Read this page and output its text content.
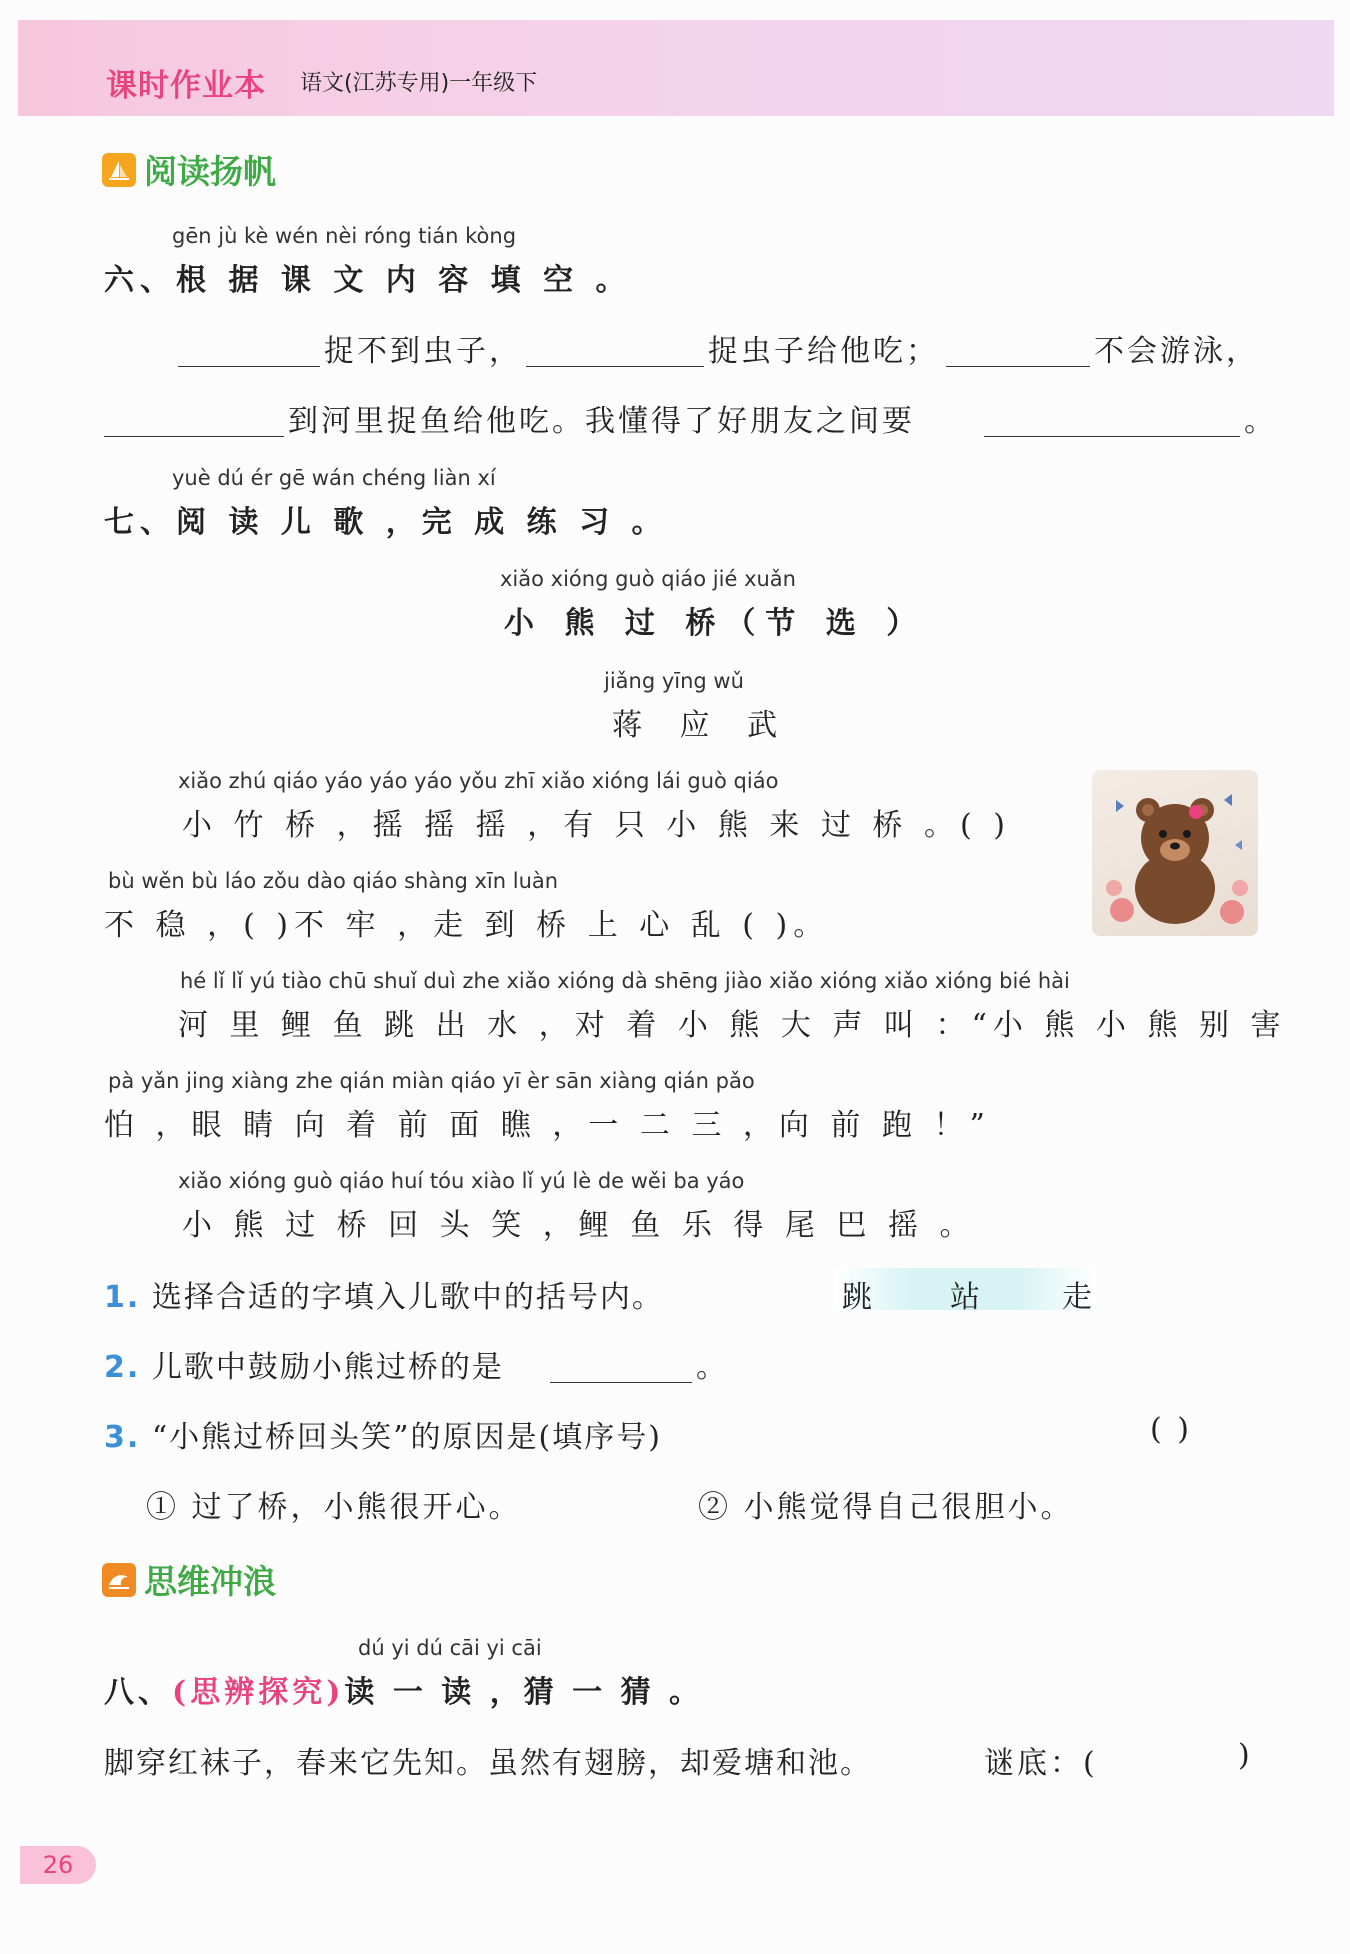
课时作业本 语文(江苏专用)一年级下
阅读扬帆
gēn jù kè wén nèi róng tián kòng
六、根 据 课 文 内 容 填 空 。
捉不到虫子，	捉虫子给他吃；	不会游泳，
到河里捉鱼给他吃。我懂得了好朋友之间要	。
yuè dú ér gē wán chéng liàn xí
七、阅 读 儿 歌 ，完 成 练 习 。
xiǎo xióng guò qiáo jié xuǎn
小 熊 过 桥（节 选 ）
jiǎng yīng wǔ
蒋 应 武
xiǎo zhú qiáo yáo yáo yáo yǒu zhī xiǎo xióng lái guò qiáo
小 竹 桥 ，摇 摇 摇 ，有 只 小 熊 来 过 桥 。( )
bù wěn bù láo zǒu dào qiáo shàng xīn luàn
不 稳 ，( )不 牢 ，走 到 桥 上 心 乱 ( )。
hé lǐ lǐ yú tiào chū shuǐ duì zhe xiǎo xióng dà shēng jiào xiǎo xióng xiǎo xióng bié hài
河 里 鲤 鱼 跳 出 水 ，对 着 小 熊 大 声 叫 ：“小 熊 小 熊 别 害
pà yǎn jing xiàng zhe qián miàn qiáo yī èr sān xiàng qián pǎo
怕 ，眼 睛 向 着 前 面 瞧 ，一 二 三 ，向 前 跑 ！”
xiǎo xióng guò qiáo huí tóu xiào lǐ yú lè de wěi ba yáo
小 熊 过 桥 回 头 笑 ，鲤 鱼 乐 得 尾 巴 摇 。
1. 选择合适的字填入儿歌中的括号内。	跳	站	走
2. 儿歌中鼓励小熊过桥的是	。
3. “小熊过桥回头笑”的原因是(填序号)	( )
① 过了桥，小熊很开心。	② 小熊觉得自己很胆小。
思维冲浪
dú yi dú cāi yi cāi
八、(思辨探究)读 一 读 ，猜 一 猜 。
脚穿红袜子，春来它先知。虽然有翅膀，却爱塘和池。	谜底：(	)
26
